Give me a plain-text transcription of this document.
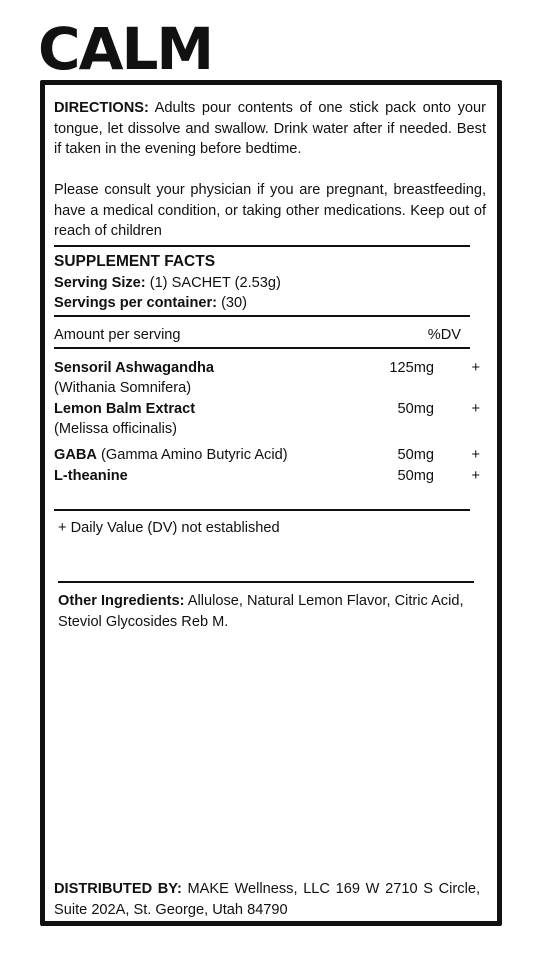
CALM

DIRECTIONS: Adults pour contents of one stick pack onto your tongue, let dissolve and swallow. Drink water after if needed. Best if taken in the evening before bedtime.

Please consult your physician if you are pregnant, breastfeeding, have a medical condition, or taking other medications. Keep out of reach of children

SUPPLEMENT FACTS
Serving Size: (1) SACHET (2.53g)
Servings per container: (30)
Amount per serving	%DV
Sensoril Ashwagandha	125mg	+
(Withania Somnifera)
Lemon Balm Extract	50mg	+
(Melissa officinalis)
GABA (Gamma Amino Butyric Acid)	50mg	+
L-theanine	50mg	+
+ Daily Value (DV) not established

Other Ingredients: Allulose, Natural Lemon Flavor, Citric Acid, Steviol Glycosides Reb M.

DISTRIBUTED BY: MAKE Wellness, LLC 169 W 2710 S Circle, Suite 202A, St. George, Utah 84790
